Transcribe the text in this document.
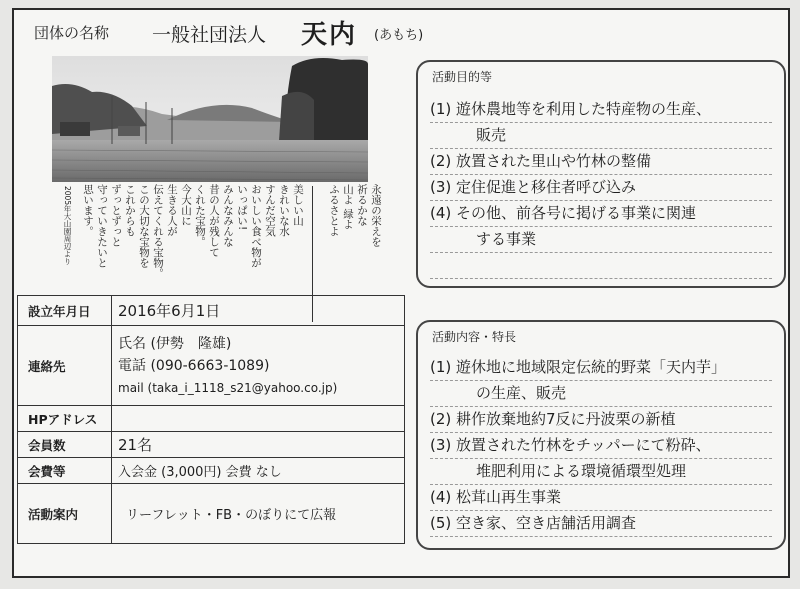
団体の名称 一般社団法人 天内 (あもち)
永遠の栄えを
祈るかな
山よ 緑よ
ふるさとよ
美しい山
きれいな水
すんだ空気
おいしい食べ物が
いっぱい!
みんなみんな
昔の人が残して
くれた宝物。
今大山に
生きる人が
伝えてくれる宝物。
この大切な宝物を
これからも
ずっとずっと
守っていきたいと
思います。
2005年大山園周辺より
設立年月日	2016年6月1日
連絡先	氏名 (伊勢　隆雄)
電話 (090-6663-1089)
mail (taka_i_1118_s21@yahoo.co.jp)

HPアドレス	
会員数	21名
会費等	入会金 (3,000円) 会費 なし
活動案内	リーフレット・FB・のぼりにて広報
活動目的等
(1) 遊休農地等を利用した特産物の生産、
販売
(2) 放置された里山や竹林の整備
(3) 定住促進と移住者呼び込み
(4) その他、前各号に掲げる事業に関連
する事業
活動内容・特長
(1) 遊休地に地域限定伝統的野菜「天内芋」
の生産、販売
(2) 耕作放棄地約7反に丹波栗の新植
(3) 放置された竹林をチッパーにて粉砕、
堆肥利用による環境循環型処理
(4) 松茸山再生事業
(5) 空き家、空き店舗活用調査
